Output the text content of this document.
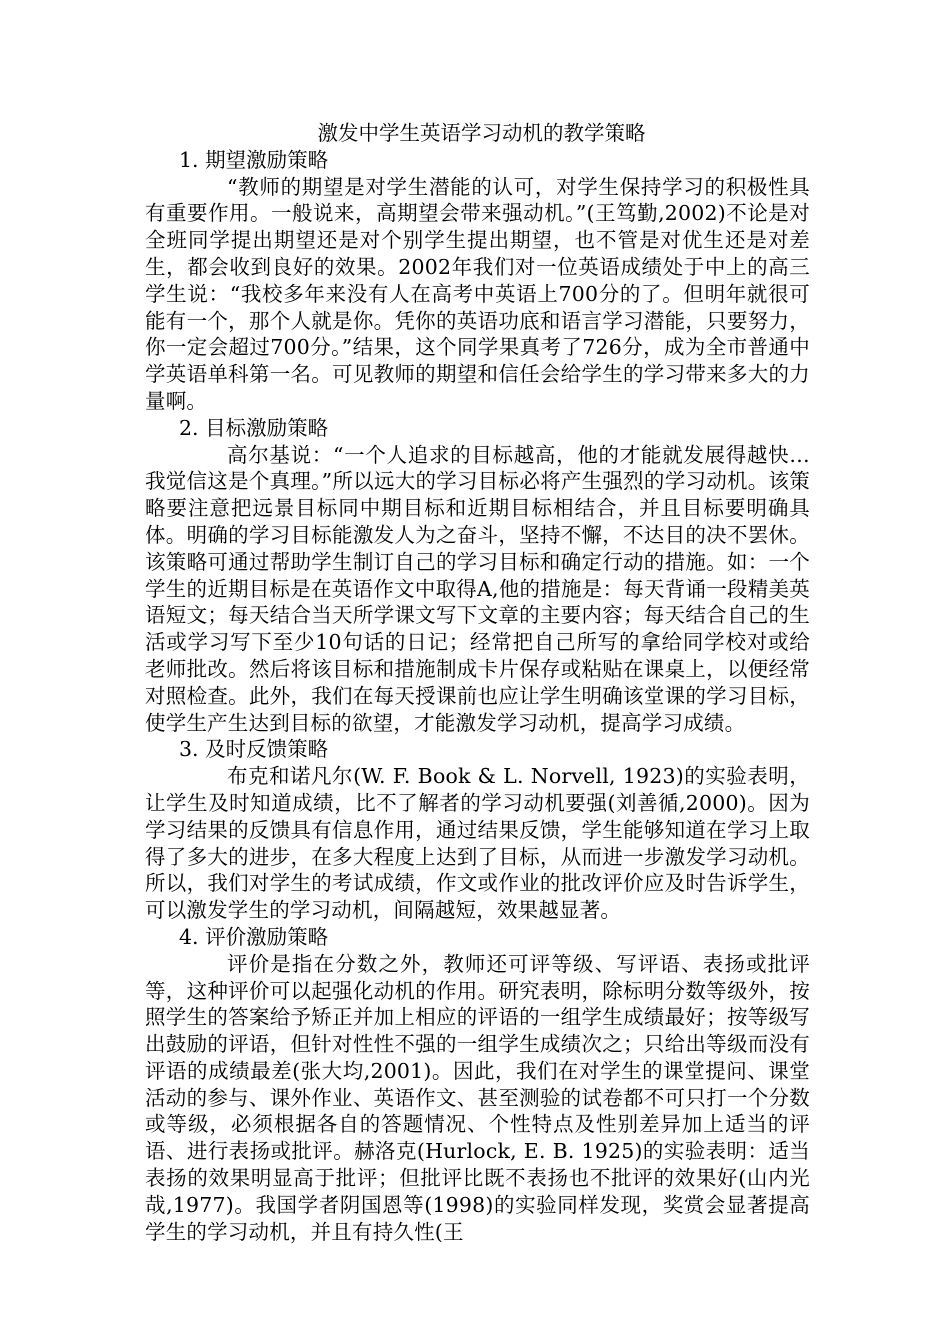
激发中学生英语学习动机的教学策略
1. 期望激励策略

“教师的期望是对学生潜能的认可，对学生保持学习的积极性具有重要作用。一般说来，高期望会带来强动机。”(王笃勤,2002)不论是对全班同学提出期望还是对个别学生提出期望，也不管是对优生还是对差生，都会收到良好的效果。2002年我们对一位英语成绩处于中上的高三学生说：“我校多年来没有人在高考中英语上700分的了。但明年就很可能有一个，那个人就是你。凭你的英语功底和语言学习潜能，只要努力，你一定会超过700分。”结果，这个同学果真考了726分，成为全市普通中学英语单科第一名。可见教师的期望和信任会给学生的学习带来多大的力量啊。

2. 目标激励策略

高尔基说：“一个人追求的目标越高，他的才能就发展得越快…我觉信这是个真理。”所以远大的学习目标必将产生强烈的学习动机。该策略要注意把远景目标同中期目标和近期目标相结合，并且目标要明确具体。明确的学习目标能激发人为之奋斗，坚持不懈，不达目的决不罢休。该策略可通过帮助学生制订自己的学习目标和确定行动的措施。如：一个学生的近期目标是在英语作文中取得A,他的措施是：每天背诵一段精美英语短文；每天结合当天所学课文写下文章的主要内容；每天结合自己的生活或学习写下至少10句话的日记；经常把自己所写的拿给同学校对或给老师批改。然后将该目标和措施制成卡片保存或粘贴在课桌上，以便经常对照检查。此外，我们在每天授课前也应让学生明确该堂课的学习目标，使学生产生达到目标的欲望，才能激发学习动机，提高学习成绩。

3. 及时反馈策略

布克和诺凡尔(W. F. Book & L. Norvell, 1923)的实验表明，让学生及时知道成绩，比不了解者的学习动机要强(刘善循,2000)。因为学习结果的反馈具有信息作用，通过结果反馈，学生能够知道在学习上取得了多大的进步，在多大程度上达到了目标，从而进一步激发学习动机。所以，我们对学生的考试成绩，作文或作业的批改评价应及时告诉学生，可以激发学生的学习动机，间隔越短，效果越显著。

4. 评价激励策略

评价是指在分数之外，教师还可评等级、写评语、表扬或批评等，这种评价可以起强化动机的作用。研究表明，除标明分数等级外，按照学生的答案给予矫正并加上相应的评语的一组学生成绩最好；按等级写出鼓励的评语，但针对性性不强的一组学生成绩次之；只给出等级而没有评语的成绩最差(张大均,2001)。因此，我们在对学生的课堂提问、课堂活动的参与、课外作业、英语作文、甚至测验的试卷都不可只打一个分数或等级，必须根据各自的答题情况、个性特点及性别差异加上适当的评语、进行表扬或批评。赫洛克(Hurlock, E. B. 1925)的实验表明：适当表扬的效果明显高于批评；但批评比既不表扬也不批评的效果好(山内光哉,1977)。我国学者阴国恩等(1998)的实验同样发现，奖赏会显著提高学生的学习动机，并且有持久性(王
